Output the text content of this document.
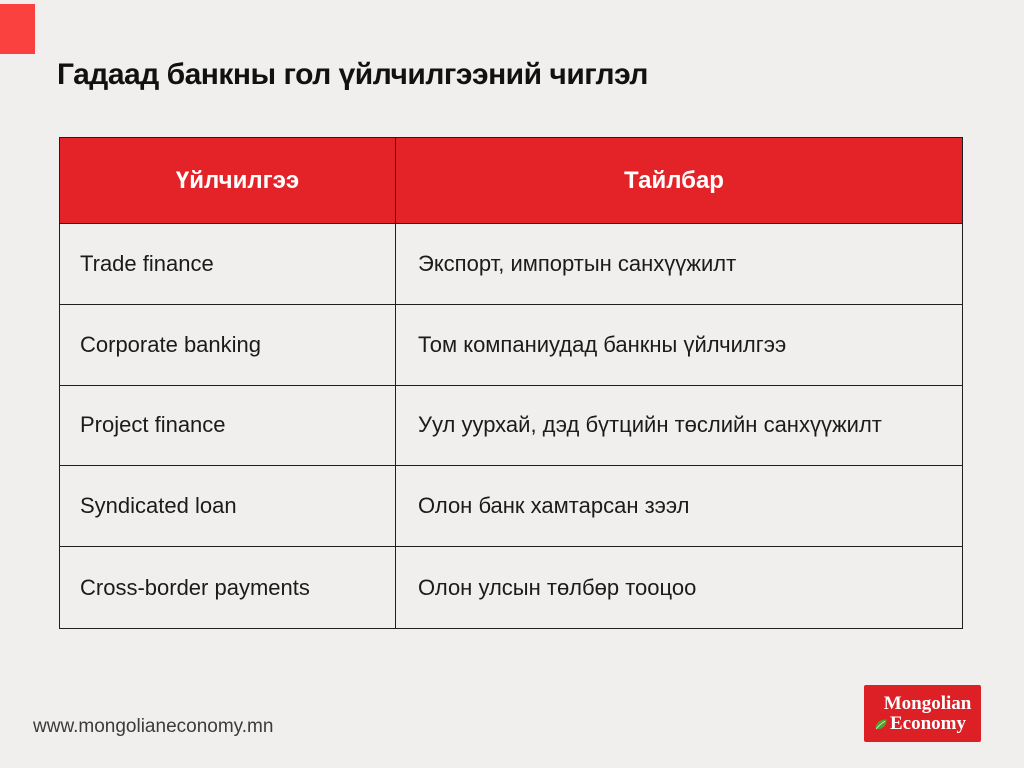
Гадаад банкны гол үйлчилгээний чиглэл
Үйлчилгээ	Тайлбар
Trade finance	Экспорт, импортын санхүүжилт
Corporate banking	Том компаниудад банкны үйлчилгээ
Project finance	Уул уурхай, дэд бүтцийн төслийн санхүүжилт
Syndicated loan	Олон банк хамтарсан зээл
Cross-border payments	Олон улсын төлбөр тооцоо
www.mongolianeconomy.mn
Mongolian
Economy
